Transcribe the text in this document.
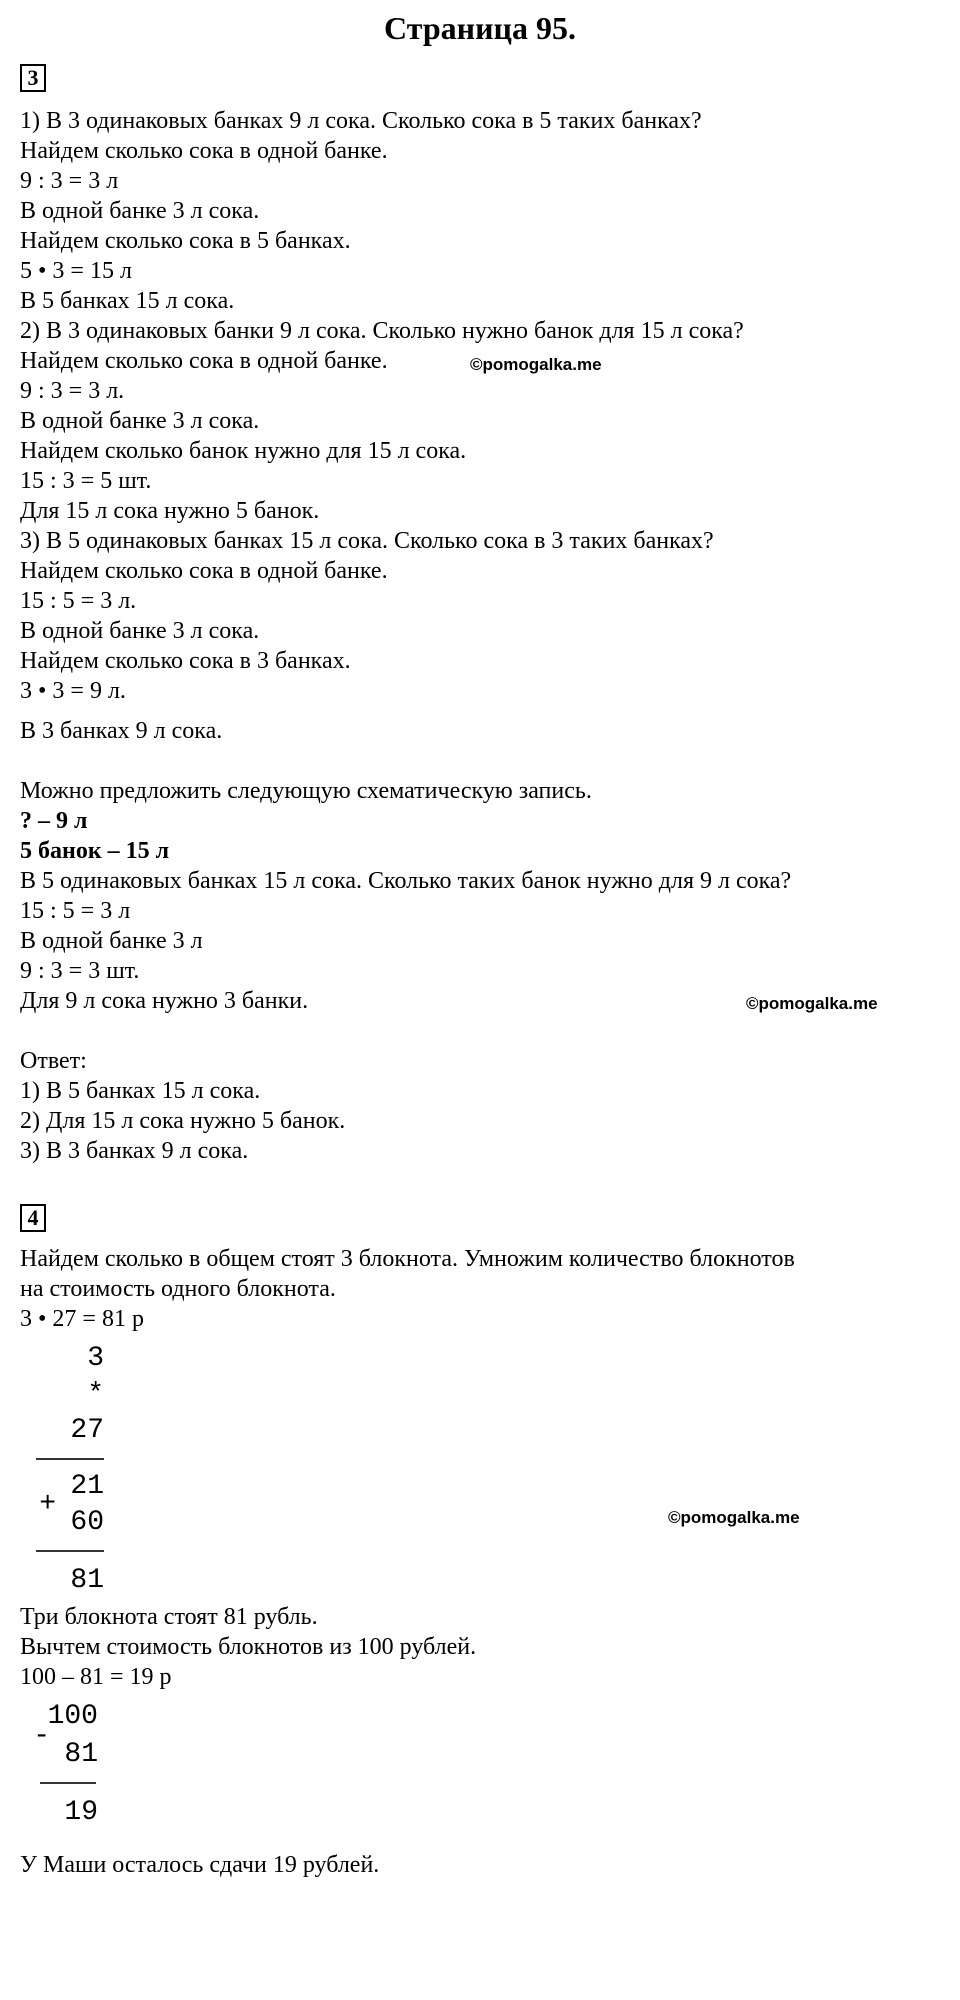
Страница 95.
3
1) В 3 одинаковых банках 9 л сока. Сколько сока в 5 таких банках?
Найдем сколько сока в одной банке.
9 : 3 = 3 л
В одной банке 3 л сока.
Найдем сколько сока в 5 банках.
5 • 3 = 15 л
В 5 банках 15 л сока.
2) В 3 одинаковых банки 9 л сока. Сколько нужно банок для 15 л сока?
Найдем сколько сока в одной банке.	©pomogalka.me
9 : 3 = 3 л.
В одной банке 3 л сока.
Найдем сколько банок нужно для 15 л сока.
15 : 3 = 5 шт.
Для 15 л сока нужно 5 банок.
3) В 5 одинаковых банках 15 л сока. Сколько сока в 3 таких банках?
Найдем сколько сока в одной банке.
15 : 5 = 3 л.
В одной банке 3 л сока.
Найдем сколько сока в 3 банках.
3 • 3 = 9 л.
В 3 банках 9 л сока.
Можно предложить следующую схематическую запись.
? – 9 л
5 банок – 15 л
В 5 одинаковых банках 15 л сока. Сколько таких банок нужно для 9 л сока?
15 : 5 = 3 л
В одной банке 3 л
9 : 3 = 3 шт.
Для 9 л сока нужно 3 банки.	©pomogalka.me
Ответ:
1) В 5 банках 15 л сока.
2) Для 15 л сока нужно 5 банок.
3) В 3 банках 9 л сока.
4
Найдем сколько в общем стоят 3 блокнота. Умножим количество блокнотов
на стоимость одного блокнота.
3 • 27 = 81 р
3
*
27
+
21
60	©pomogalka.me
81
Три блокнота стоят 81 рубль.
Вычтем стоимость блокнотов из 100 рублей.
100 – 81 = 19 р
100
-
81
19
У Маши осталось сдачи 19 рублей.
